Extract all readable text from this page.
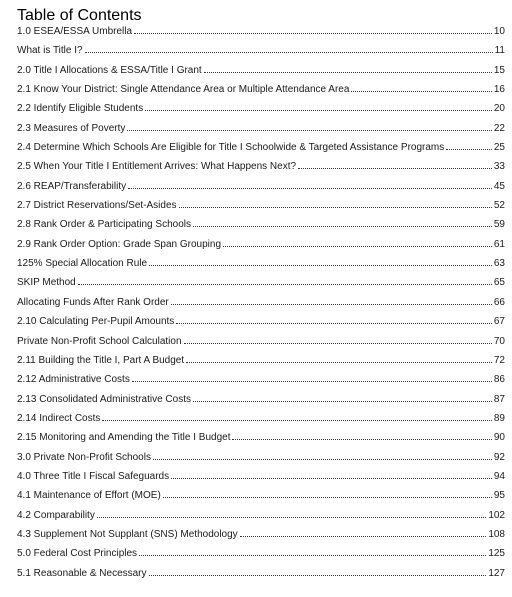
Table of Contents
1.0 ESEA/ESSA Umbrella	10
What is Title I?	11
2.0 Title I Allocations & ESSA/Title I Grant	15
2.1 Know Your District: Single Attendance Area or Multiple Attendance Area	16
2.2 Identify Eligible Students	20
2.3 Measures of Poverty	22
2.4 Determine Which Schools Are Eligible for Title I Schoolwide & Targeted Assistance Programs	25
2.5 When Your Title I Entitlement Arrives: What Happens Next?	33
2.6 REAP/Transferability	45
2.7 District Reservations/Set-Asides	52
2.8 Rank Order & Participating Schools	59
2.9 Rank Order Option: Grade Span Grouping	61
125% Special Allocation Rule	63
SKIP Method	65
Allocating Funds After Rank Order	66
2.10 Calculating Per-Pupil Amounts	67
Private Non-Profit School Calculation	70
2.11 Building the Title I, Part A Budget	72
2.12 Administrative Costs	86
2.13 Consolidated Administrative Costs	87
2.14 Indirect Costs	89
2.15 Monitoring and Amending the Title I Budget	90
3.0 Private Non-Profit Schools	92
4.0 Three Title I Fiscal Safeguards	94
4.1 Maintenance of Effort (MOE)	95
4.2 Comparability	102
4.3 Supplement Not Supplant (SNS) Methodology	108
5.0 Federal Cost Principles	125
5.1 Reasonable & Necessary	127
